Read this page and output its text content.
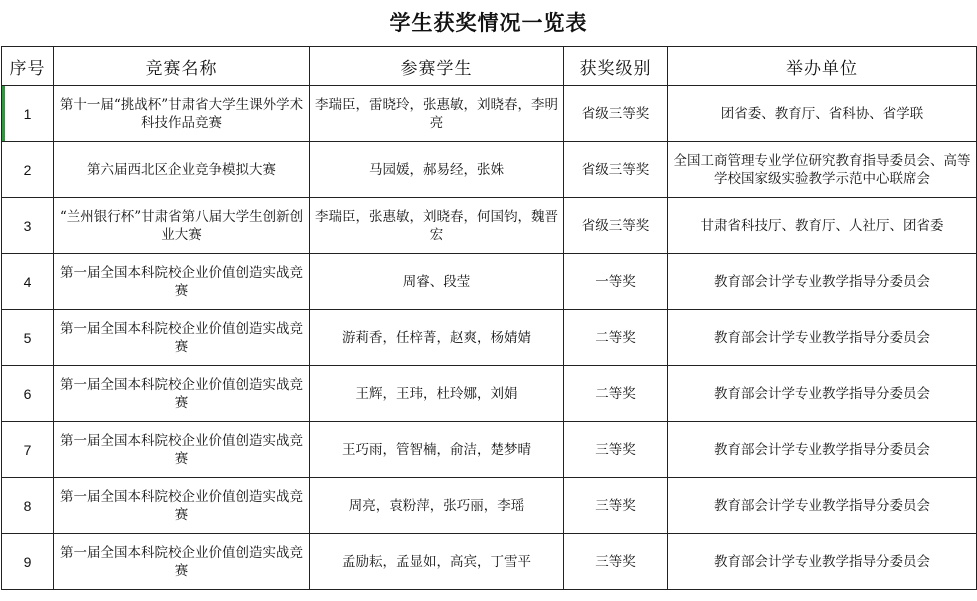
学生获奖情况一览表
序号	竞赛名称	参赛学生	获奖级别	举办单位
1	第十一届“挑战杯”甘肃省大学生课外学术科技作品竞赛	李瑞臣，雷晓玲，张惠敏，刘晓春，李明亮	省级三等奖	团省委、教育厅、省科协、省学联
2	第六届西北区企业竞争模拟大赛	马园媛，郝易经，张姝	省级三等奖	全国工商管理专业学位研究教育指导委员会、高等学校国家级实验教学示范中心联席会
3	“兰州银行杯”甘肃省第八届大学生创新创业大赛	李瑞臣，张惠敏，刘晓春，何国钧，魏晋宏	省级三等奖	甘肃省科技厅、教育厅、人社厅、团省委
4	第一届全国本科院校企业价值创造实战竞赛	周睿、段莹	一等奖	教育部会计学专业教学指导分委员会
5	第一届全国本科院校企业价值创造实战竞赛	游莉香，任梓菁，赵爽，杨婧婧	二等奖	教育部会计学专业教学指导分委员会
6	第一届全国本科院校企业价值创造实战竞赛	王辉，王玮，杜玲娜，刘娟	二等奖	教育部会计学专业教学指导分委员会
7	第一届全国本科院校企业价值创造实战竞赛	王巧雨，管智楠，俞洁，楚梦晴	三等奖	教育部会计学专业教学指导分委员会
8	第一届全国本科院校企业价值创造实战竞赛	周亮，袁粉萍，张巧丽，李瑶	三等奖	教育部会计学专业教学指导分委员会
9	第一届全国本科院校企业价值创造实战竞赛	孟励耘，孟显如，高宾，丁雪平	三等奖	教育部会计学专业教学指导分委员会
